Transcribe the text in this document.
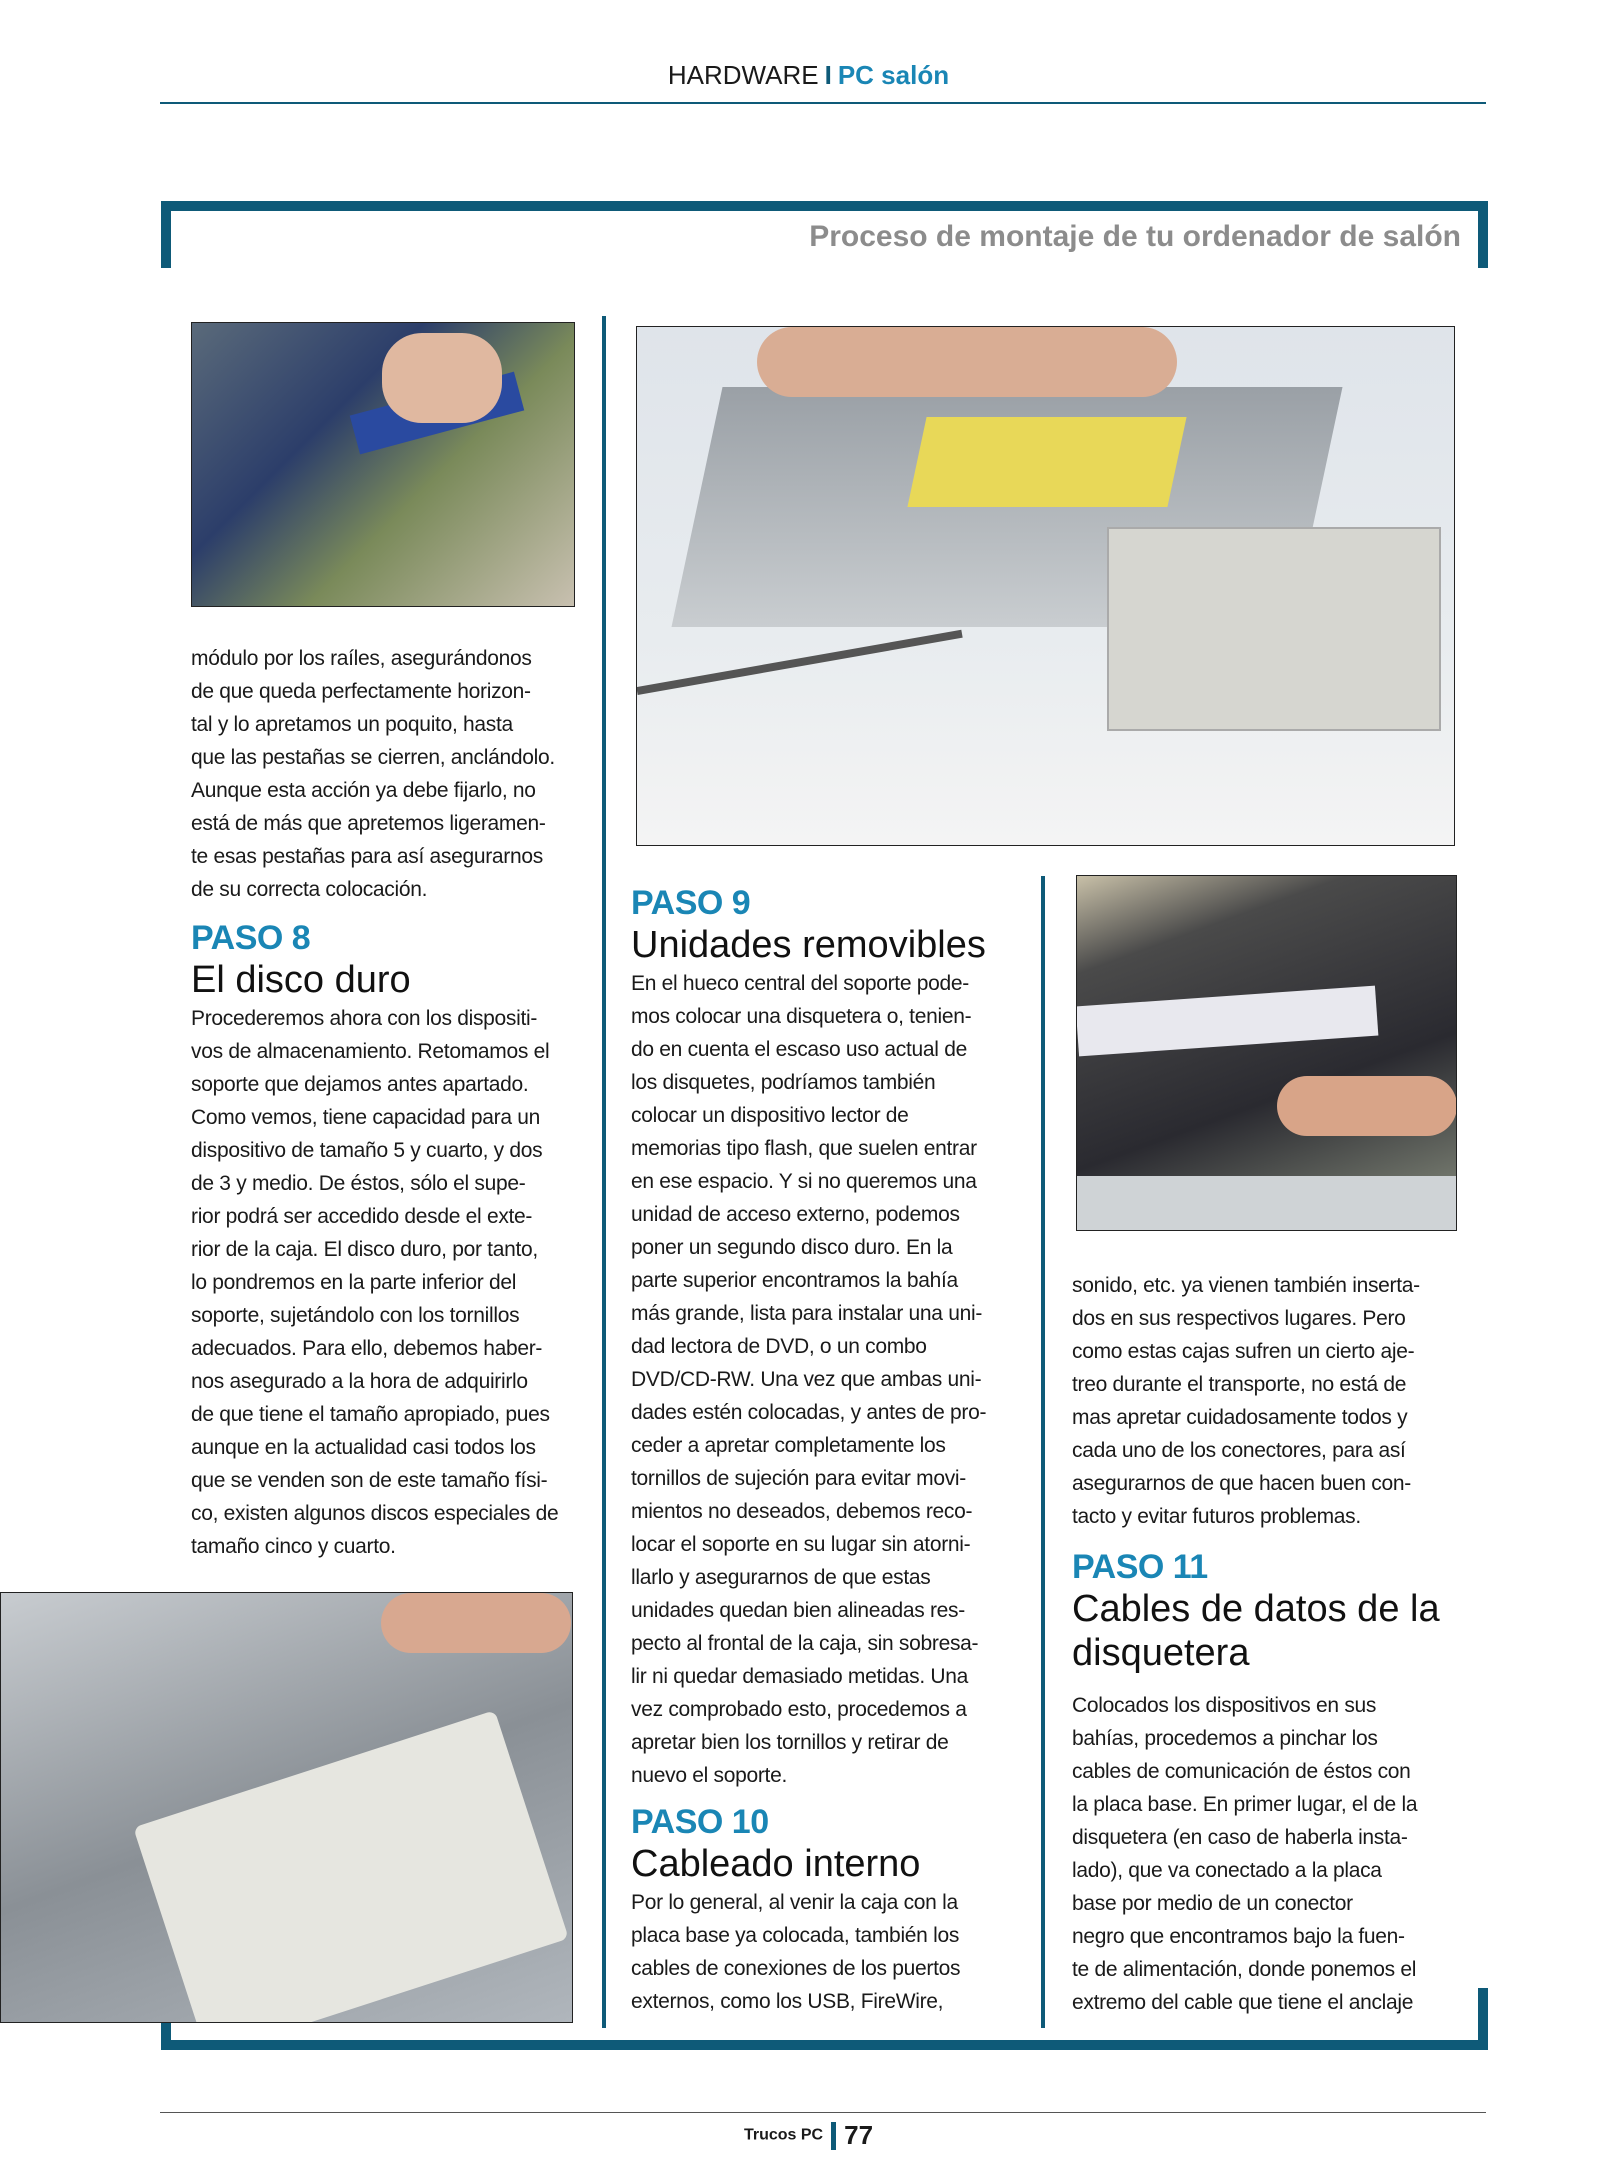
HARDWARE I PC salón
Proceso de montaje de tu ordenador de salón
módulo por los raíles, asegurándonos
de que queda perfectamente horizon-
tal y lo apretamos un poquito, hasta
que las pestañas se cierren, anclándolo.
Aunque esta acción ya debe fijarlo, no
está de más que apretemos ligeramen-
te esas pestañas para así asegurarnos
de su correcta colocación.
PASO 8
El disco duro
Procederemos ahora con los dispositi-
vos de almacenamiento. Retomamos el
soporte que dejamos antes apartado.
Como vemos, tiene capacidad para un
dispositivo de tamaño 5 y cuarto, y dos
de 3 y medio. De éstos, sólo el supe-
rior podrá ser accedido desde el exte-
rior de la caja. El disco duro, por tanto,
lo pondremos en la parte inferior del
soporte, sujetándolo con los tornillos
adecuados. Para ello, debemos haber-
nos asegurado a la hora de adquirirlo
de que tiene el tamaño apropiado, pues
aunque en la actualidad casi todos los
que se venden son de este tamaño físi-
co, existen algunos discos especiales de
tamaño cinco y cuarto.
PASO 9
Unidades removibles
En el hueco central del soporte pode-
mos colocar una disquetera o, tenien-
do en cuenta el escaso uso actual de
los disquetes, podríamos también
colocar un dispositivo lector de
memorias tipo flash, que suelen entrar
en ese espacio. Y si no queremos una
unidad de acceso externo, podemos
poner un segundo disco duro. En la
parte superior encontramos la bahía
más grande, lista para instalar una uni-
dad lectora de DVD, o un combo
DVD/CD-RW. Una vez que ambas uni-
dades estén colocadas, y antes de pro-
ceder a apretar completamente los
tornillos de sujeción para evitar movi-
mientos no deseados, debemos reco-
locar el soporte en su lugar sin atorni-
llarlo y asegurarnos de que estas
unidades quedan bien alineadas res-
pecto al frontal de la caja, sin sobresa-
lir ni quedar demasiado metidas. Una
vez comprobado esto, procedemos a
apretar bien los tornillos y retirar de
nuevo el soporte.
PASO 10
Cableado interno
Por lo general, al venir la caja con la
placa base ya colocada, también los
cables de conexiones de los puertos
externos, como los USB, FireWire,
sonido, etc. ya vienen también inserta-
dos en sus respectivos lugares. Pero
como estas cajas sufren un cierto aje-
treo durante el transporte, no está de
mas apretar cuidadosamente todos y
cada uno de los conectores, para así
asegurarnos de que hacen buen con-
tacto y evitar futuros problemas.
PASO 11
Cables de datos de la
disquetera
Colocados los dispositivos en sus
bahías, procedemos a pinchar los
cables de comunicación de éstos con
la placa base. En primer lugar, el de la
disquetera (en caso de haberla insta-
lado), que va conectado a la placa
base por medio de un conector
negro que encontramos bajo la fuen-
te de alimentación, donde ponemos el
extremo del cable que tiene el anclaje
Trucos PC 77
